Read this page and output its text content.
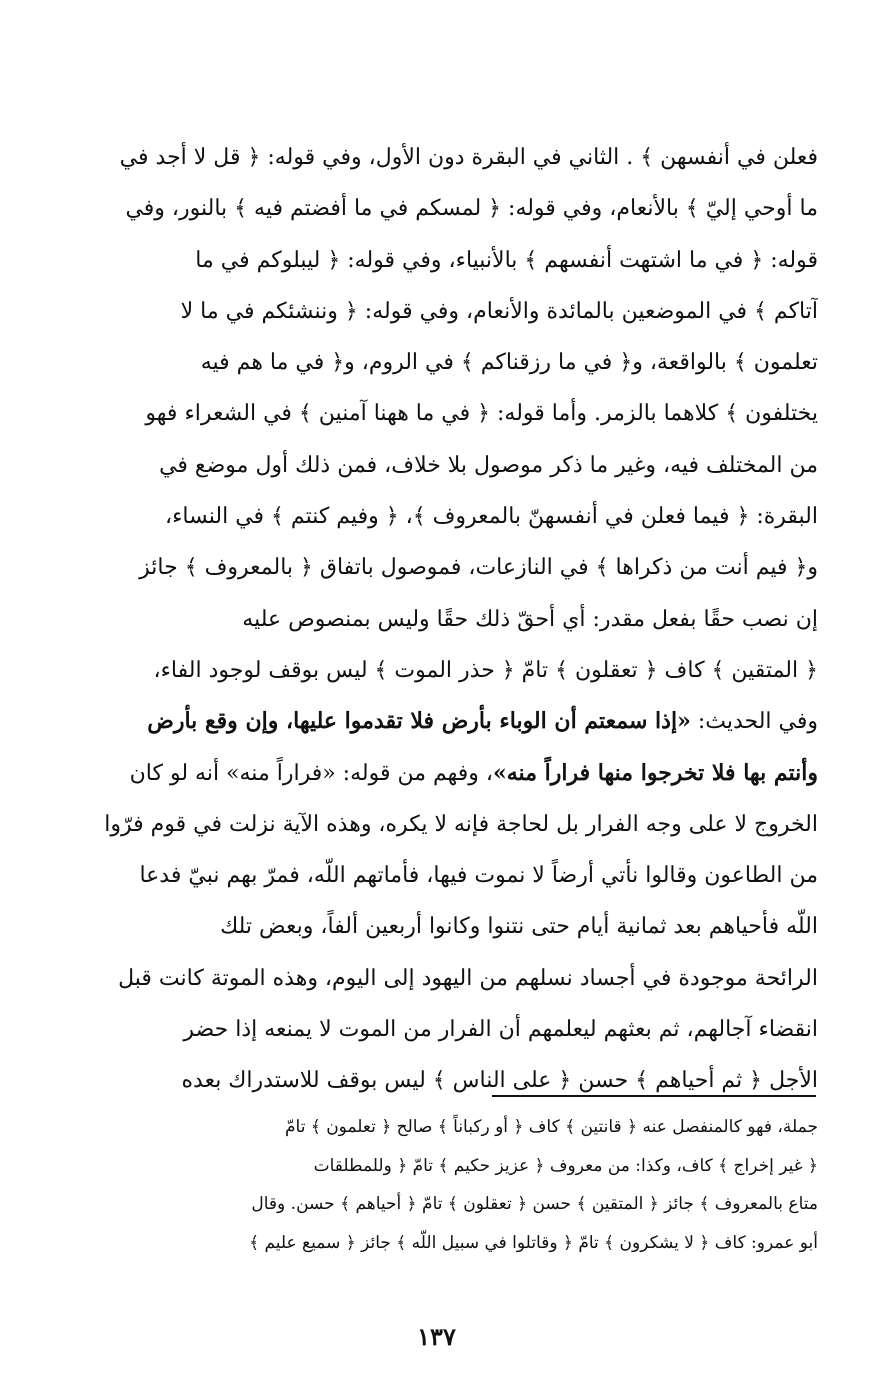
فعلن في أنفسهن ﴾ . الثاني في البقرة دون الأول، وفي قوله: ﴿ قل لا أجد في
ما أوحي إليّ ﴾ بالأنعام، وفي قوله: ﴿ لمسكم في ما أفضتم فيه ﴾ بالنور، وفي
قوله: ﴿ في ما اشتهت أنفسهم ﴾ بالأنبياء، وفي قوله: ﴿ ليبلوكم في ما
آتاكم ﴾ في الموضعين بالمائدة والأنعام، وفي قوله: ﴿ وننشئكم في ما لا
تعلمون ﴾ بالواقعة، و﴿ في ما رزقناكم ﴾ في الروم، و﴿ في ما هم فيه
يختلفون ﴾ كلاهما بالزمر. وأما قوله: ﴿ في ما ههنا آمنين ﴾ في الشعراء فهو
من المختلف فيه، وغير ما ذكر موصول بلا خلاف، فمن ذلك أول موضع في
البقرة: ﴿ فيما فعلن في أنفسهنّ بالمعروف ﴾، ﴿ وفيم كنتم ﴾ في النساء،
و﴿ فيم أنت من ذكراها ﴾ في النازعات، فموصول باتفاق ﴿ بالمعروف ﴾ جائز
إن نصب حقًا بفعل مقدر: أي أحقّ ذلك حقًا وليس بمنصوص عليه
﴿ المتقين ﴾ كاف ﴿ تعقلون ﴾ تامّ ﴿ حذر الموت ﴾ ليس بوقف لوجود الفاء،
وفي الحديث: «إذا سمعتم أن الوباء بأرض فلا تقدموا عليها، وإن وقع بأرض
وأنتم بها فلا تخرجوا منها فراراً منه»، وفهم من قوله: «فراراً منه» أنه لو كان
الخروج لا على وجه الفرار بل لحاجة فإنه لا يكره، وهذه الآية نزلت في قوم فرّوا
من الطاعون وقالوا نأتي أرضاً لا نموت فيها، فأماتهم اللّه، فمرّ بهم نبيّ فدعا
اللّه فأحياهم بعد ثمانية أيام حتى نتنوا وكانوا أربعين ألفاً، وبعض تلك
الرائحة موجودة في أجساد نسلهم من اليهود إلى اليوم، وهذه الموتة كانت قبل
انقضاء آجالهم، ثم بعثهم ليعلمهم أن الفرار من الموت لا يمنعه إذا حضر
الأجل ﴿ ثم أحياهم ﴾ حسن ﴿ على الناس ﴾ ليس بوقف للاستدراك بعده
جملة، فهو كالمنفصل عنه ﴿ قانتين ﴾ كاف ﴿ أو ركباناً ﴾ صالح ﴿ تعلمون ﴾ تامّ
﴿ غير إخراج ﴾ كاف، وكذا: من معروف ﴿ عزيز حكيم ﴾ تامّ ﴿ وللمطلقات
متاع بالمعروف ﴾ جائز ﴿ المتقين ﴾ حسن ﴿ تعقلون ﴾ تامّ ﴿ أحياهم ﴾ حسن. وقال
أبو عمرو: كاف ﴿ لا يشكرون ﴾ تامّ ﴿ وقاتلوا في سبيل اللّه ﴾ جائز ﴿ سميع عليم ﴾
١٣٧
